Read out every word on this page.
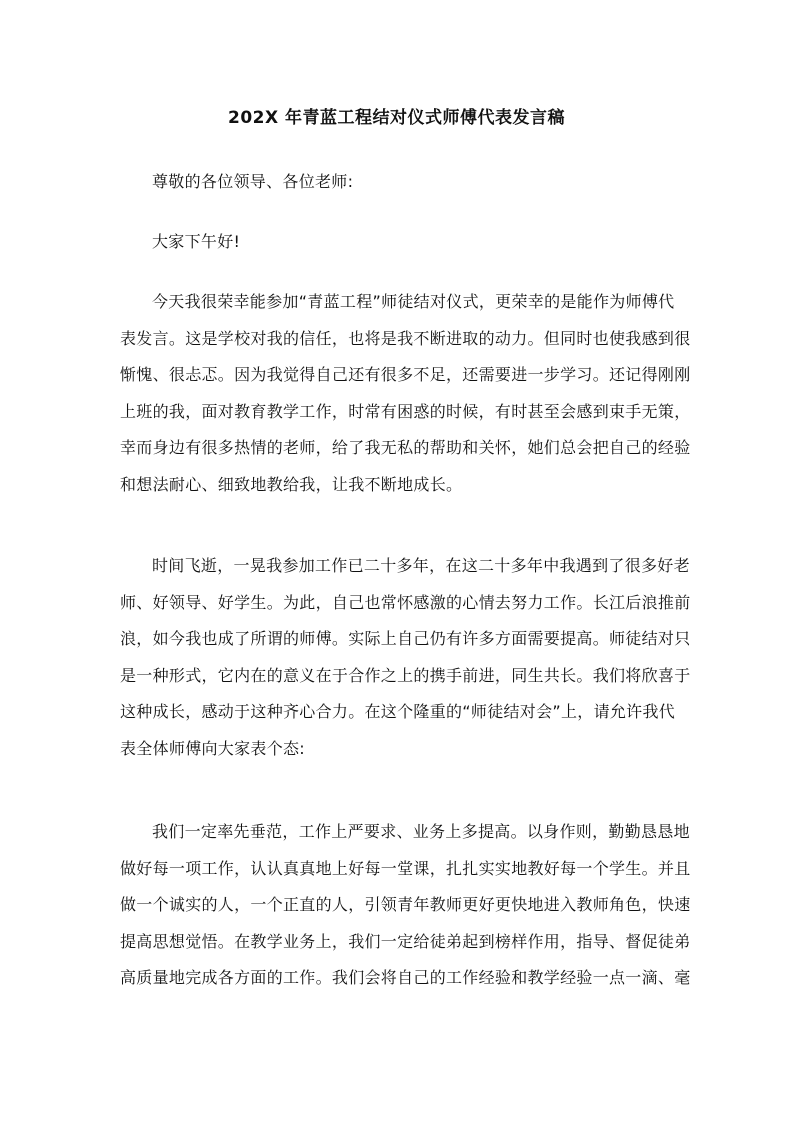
202X 年青蓝工程结对仪式师傅代表发言稿
尊敬的各位领导、各位老师:
大家下午好!
今天我很荣幸能参加“青蓝工程”师徒结对仪式，更荣幸的是能作为师傅代
表发言。这是学校对我的信任，也将是我不断进取的动力。但同时也使我感到很
惭愧、很忐忑。因为我觉得自己还有很多不足，还需要进一步学习。还记得刚刚
上班的我，面对教育教学工作，时常有困惑的时候，有时甚至会感到束手无策，
幸而身边有很多热情的老师，给了我无私的帮助和关怀，她们总会把自己的经验
和想法耐心、细致地教给我，让我不断地成长。
时间飞逝，一晃我参加工作已二十多年，在这二十多年中我遇到了很多好老
师、好领导、好学生。为此，自己也常怀感激的心情去努力工作。长江后浪推前
浪，如今我也成了所谓的师傅。实际上自己仍有许多方面需要提高。师徒结对只
是一种形式，它内在的意义在于合作之上的携手前进，同生共长。我们将欣喜于
这种成长，感动于这种齐心合力。在这个隆重的“师徒结对会”上，请允许我代
表全体师傅向大家表个态:
我们一定率先垂范，工作上严要求、业务上多提高。以身作则，勤勤恳恳地
做好每一项工作，认认真真地上好每一堂课，扎扎实实地教好每一个学生。并且
做一个诚实的人，一个正直的人，引领青年教师更好更快地进入教师角色，快速
提高思想觉悟。在教学业务上，我们一定给徒弟起到榜样作用，指导、督促徒弟
高质量地完成各方面的工作。我们会将自己的工作经验和教学经验一点一滴、毫
